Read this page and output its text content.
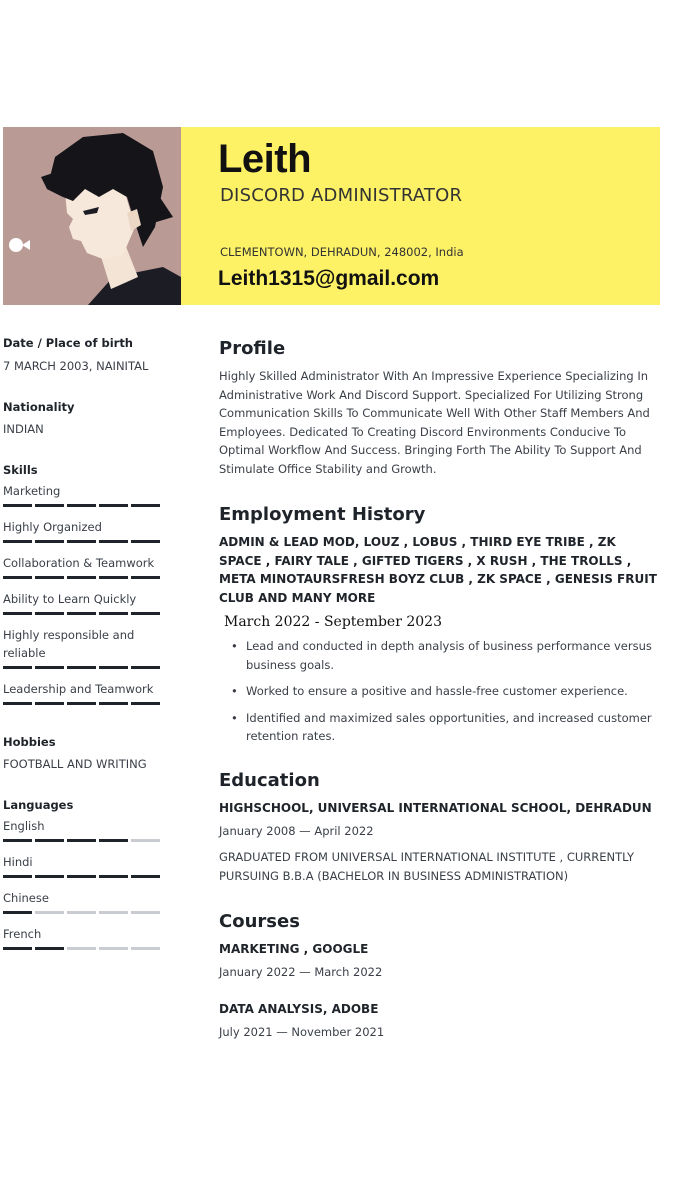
Leith
DISCORD ADMINISTRATOR
CLEMENTOWN, DEHRADUN, 248002, India
Leith1315@gmail.com
Date / Place of birth
7 MARCH 2003, NAINITAL
Nationality
INDIAN
Skills
Marketing
Highly Organized
Collaboration & Teamwork
Ability to Learn Quickly
Highly responsible and reliable
Leadership and Teamwork
Hobbies
FOOTBALL AND WRITING
Languages
English
Hindi
Chinese
French
Profile
Highly Skilled Administrator With An Impressive Experience Specializing In Administrative Work And Discord Support. Specialized For Utilizing Strong Communication Skills To Communicate Well With Other Staff Members And Employees. Dedicated To Creating Discord Environments Conducive To Optimal Workflow And Success. Bringing Forth The Ability To Support And Stimulate Office Stability and Growth.
Employment History
ADMIN & LEAD MOD, LOUZ , LOBUS , THIRD EYE TRIBE , ZK SPACE , FAIRY TALE , GIFTED TIGERS , X RUSH , THE TROLLS , META MINOTAURSFRESH BOYZ CLUB , ZK SPACE , GENESIS FRUIT CLUB AND MANY MORE
March 2022 - September 2023
• Lead and conducted in depth analysis of business performance versus business goals.
• Worked to ensure a positive and hassle-free customer experience.
• Identified and maximized sales opportunities, and increased customer retention rates.
Education
HIGHSCHOOL, UNIVERSAL INTERNATIONAL SCHOOL, DEHRADUN
January 2008 — April 2022
GRADUATED FROM UNIVERSAL INTERNATIONAL INSTITUTE , CURRENTLY PURSUING B.B.A (BACHELOR IN BUSINESS ADMINISTRATION)
Courses
MARKETING , GOOGLE
January 2022 — March 2022
DATA ANALYSIS, ADOBE
July 2021 — November 2021
